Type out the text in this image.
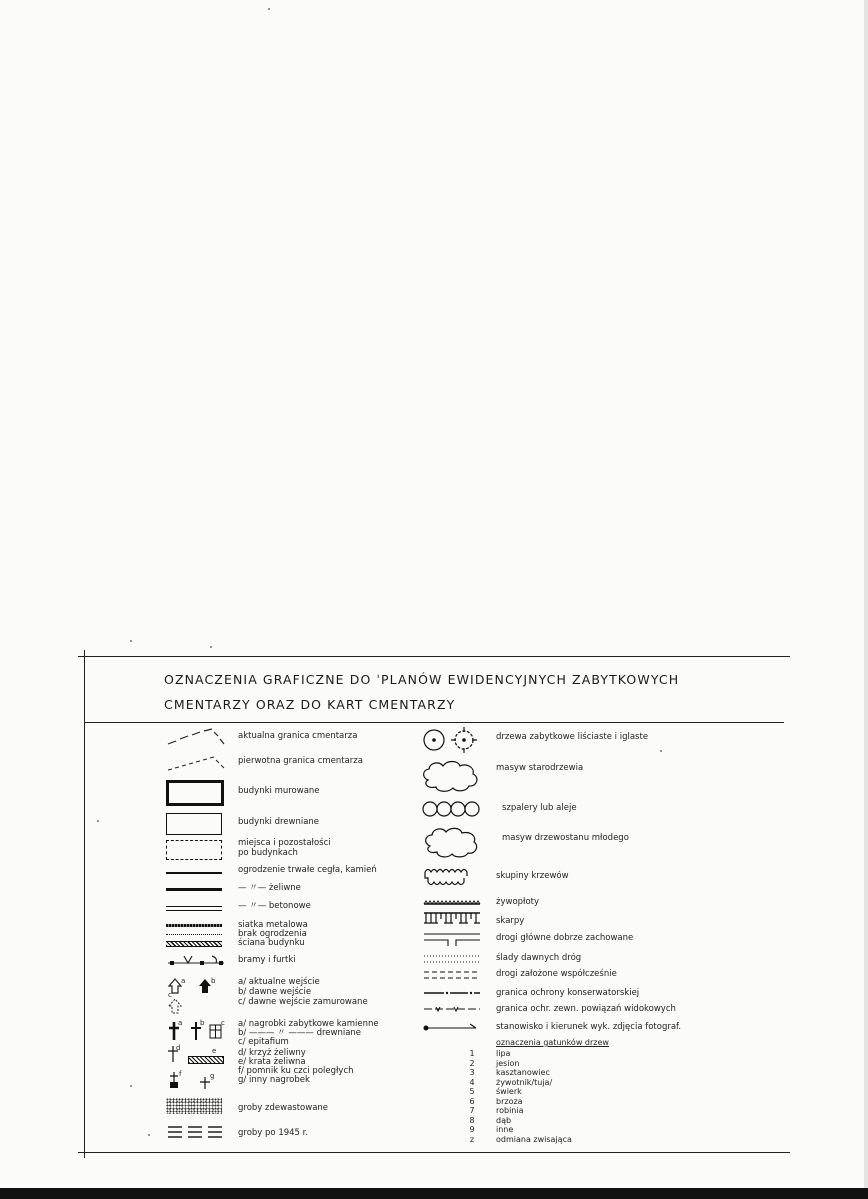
OZNACZENIA GRAFICZNE DO ˈPLANÓW EWIDENCYJNYCH ZABYTKOWYCH
CMENTARZY ORAZ DO KART CMENTARZY
aktualna granica cmentarza
pierwotna granica cmentarza
budynki murowane
budynki drewniane
miejsca i pozostałości
po budynkach
ogrodzenie trwałe cegła, kamień
— 〃— żeliwne
— 〃— betonowe
siatka metalowa
brak ogrodzenia
ściana budynku
bramy i furtki
a	b
c
a/ aktualne wejście
b/ dawne wejście
c/ dawne wejście zamurowane
a	b c a/ nagrobki zabytkowe kamienne
b/ ——— 〃 ——— drewniane
c/ epitafium
d	e
f	g
d/ krzyż żeliwny
e/ krata żeliwna
f/ pomnik ku czci poległych
g/ inny nagrobek
groby zdewastowane
groby po 1945 r.
drzewa zabytkowe liściaste i iglaste
masyw starodrzewia
szpalery lub aleje
masyw drzewostanu młodego
skupiny krzewów
żywopłoty
skarpy
drogi główne dobrze zachowane
ślady dawnych dróg
drogi założone współcześnie
granica ochrony konserwatorskiej
granica ochr. zewn. powiązań widokowych
stanowisko i kierunek wyk. zdjęcia fotograf.
oznaczenia gatunków drzew
1	lipa
2	jesion
3	kasztanowiec
4	żywotnik/tuja/
5	świerk
6	brzoza
7	robinia
8	dąb
9	inne
z	odmiana zwisająca
